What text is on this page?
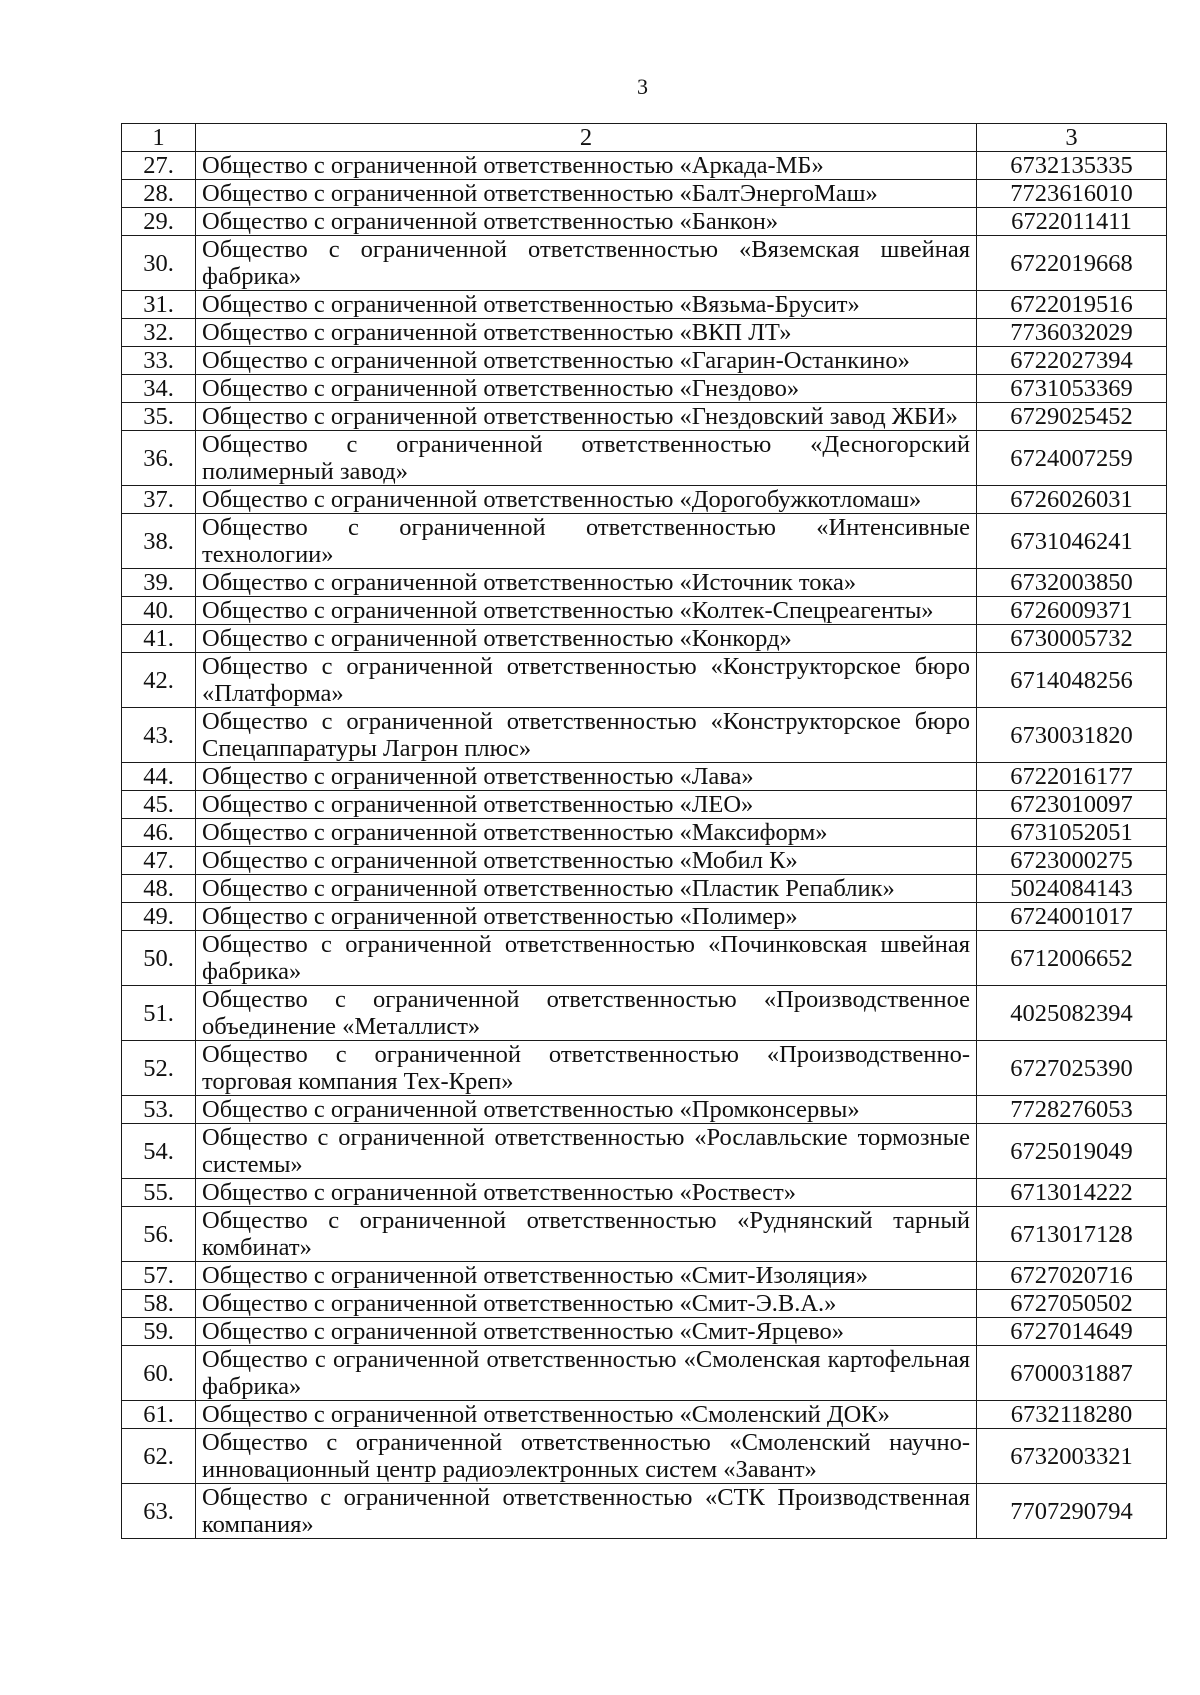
3
1	2	3
27.	Общество с ограниченной ответственностью «Аркада-МБ»	6732135335
28.	Общество с ограниченной ответственностью «БалтЭнергоМаш»	7723616010
29.	Общество с ограниченной ответственностью «Банкон»	6722011411
30.	Общество с ограниченной ответственностью «Вяземская швейная фабрика»	6722019668
31.	Общество с ограниченной ответственностью «Вязьма-Брусит»	6722019516
32.	Общество с ограниченной ответственностью «ВКП ЛТ»	7736032029
33.	Общество с ограниченной ответственностью «Гагарин-Останкино»	6722027394
34.	Общество с ограниченной ответственностью «Гнездово»	6731053369
35.	Общество с ограниченной ответственностью «Гнездовский завод ЖБИ»	6729025452
36.	Общество с ограниченной ответственностью «Десногорский полимерный завод»	6724007259
37.	Общество с ограниченной ответственностью «Дорогобужкотломаш»	6726026031
38.	Общество с ограниченной ответственностью «Интенсивные технологии»	6731046241
39.	Общество с ограниченной ответственностью «Источник тока»	6732003850
40.	Общество с ограниченной ответственностью «Колтек-Спецреагенты»	6726009371
41.	Общество с ограниченной ответственностью «Конкорд»	6730005732
42.	Общество с ограниченной ответственностью «Конструкторское бюро «Платформа»	6714048256
43.	Общество с ограниченной ответственностью «Конструкторское бюро Спецаппаратуры Лагрон плюс»	6730031820
44.	Общество с ограниченной ответственностью «Лава»	6722016177
45.	Общество с ограниченной ответственностью «ЛЕО»	6723010097
46.	Общество с ограниченной ответственностью «Максиформ»	6731052051
47.	Общество с ограниченной ответственностью «Мобил К»	6723000275
48.	Общество с ограниченной ответственностью «Пластик Репаблик»	5024084143
49.	Общество с ограниченной ответственностью «Полимер»	6724001017
50.	Общество с ограниченной ответственностью «Починковская швейная фабрика»	6712006652
51.	Общество с ограниченной ответственностью «Производственное объединение «Металлист»	4025082394
52.	Общество с ограниченной ответственностью «Производственно-торговая компания Тех-Креп»	6727025390
53.	Общество с ограниченной ответственностью «Промконсервы»	7728276053
54.	Общество с ограниченной ответственностью «Рославльские тормозные системы»	6725019049
55.	Общество с ограниченной ответственностью «Роствест»	6713014222
56.	Общество с ограниченной ответственностью «Руднянский тарный комбинат»	6713017128
57.	Общество с ограниченной ответственностью «Смит-Изоляция»	6727020716
58.	Общество с ограниченной ответственностью «Смит-Э.В.А.»	6727050502
59.	Общество с ограниченной ответственностью «Смит-Ярцево»	6727014649
60.	Общество с ограниченной ответственностью «Смоленская картофельная фабрика»	6700031887
61.	Общество с ограниченной ответственностью «Смоленский ДОК»	6732118280
62.	Общество с ограниченной ответственностью «Смоленский научно-инновационный центр радиоэлектронных систем «Завант»	6732003321
63.	Общество с ограниченной ответственностью «СТК Производственная компания»	7707290794
